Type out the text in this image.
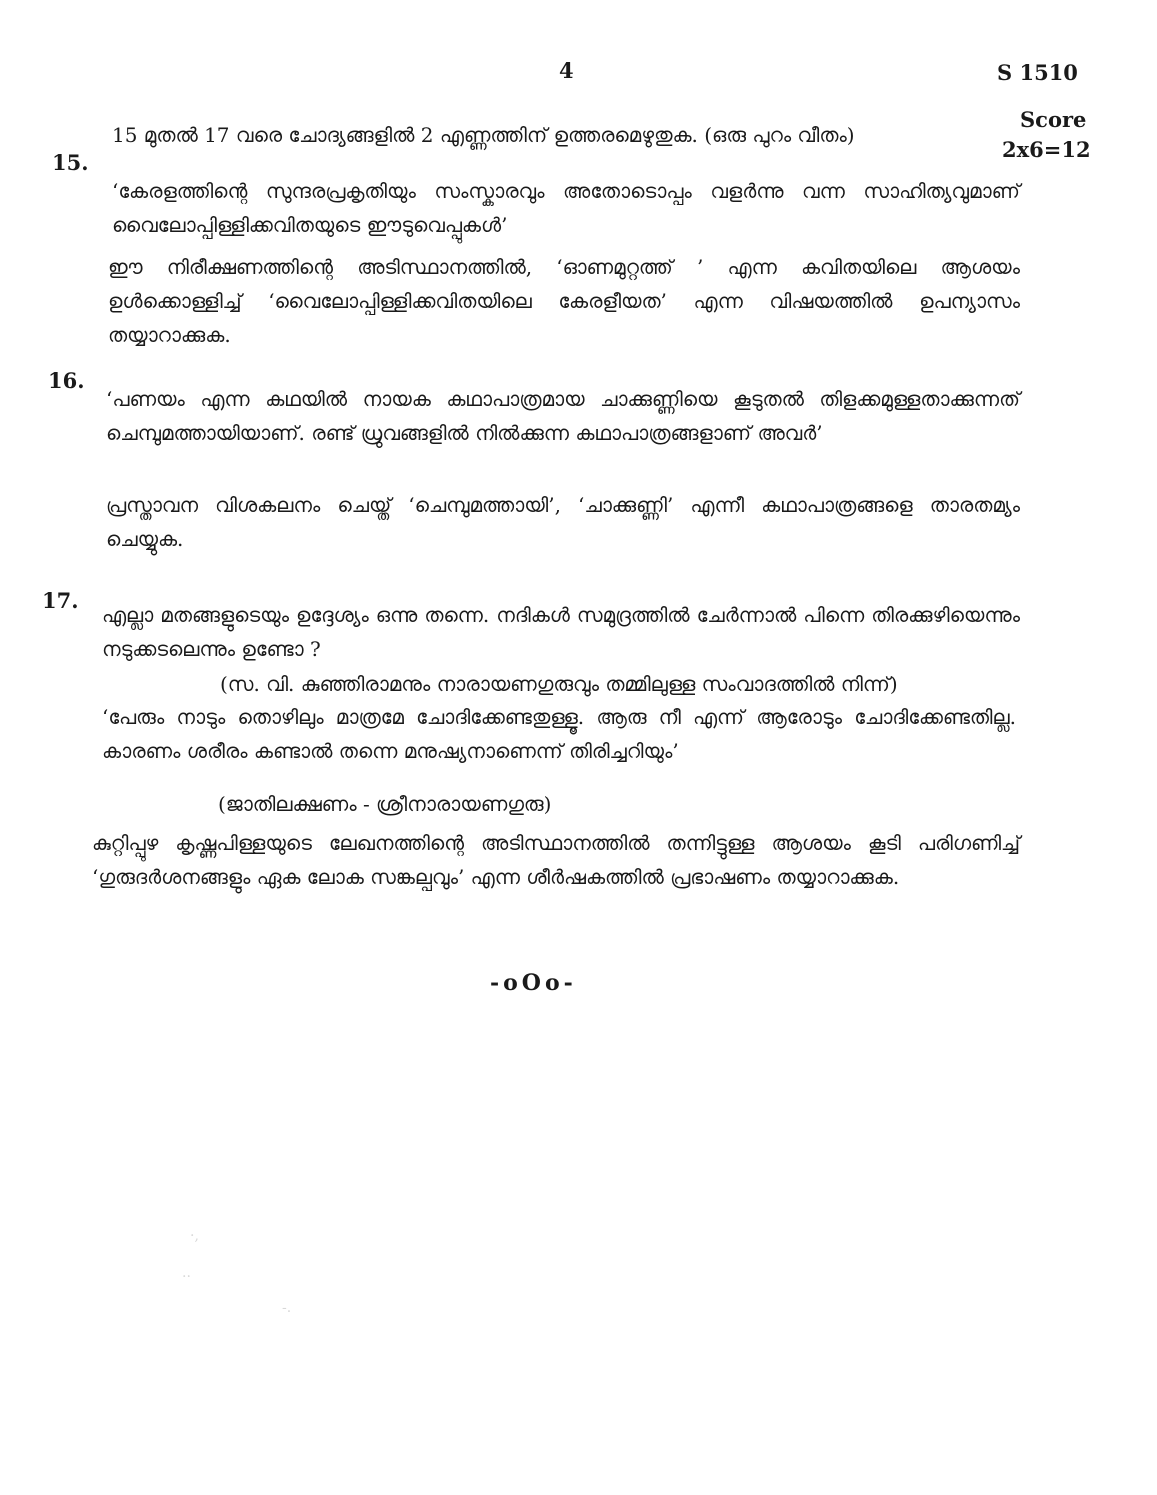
4	S 1510
Score
2x6=12
15 മുതൽ 17 വരെ ചോദ്യങ്ങളിൽ 2 എണ്ണത്തിന് ഉത്തരമെഴുതുക. (ഒരു പുറം വീതം)
15.
‘കേരളത്തിന്റെ സുന്ദരപ്രകൃതിയും സംസ്കാരവും അതോടൊപ്പം വളർന്നു വന്ന സാഹിത്യവുമാണ് വൈലോപ്പിള്ളിക്കവിതയുടെ ഈടുവെപ്പുകൾ’
ഈ നിരീക്ഷണത്തിന്റെ അടിസ്ഥാനത്തിൽ, ‘ഓണമുറ്റത്ത് ’ എന്ന കവിതയിലെ ആശയം ഉൾക്കൊള്ളിച്ച് ‘വൈലോപ്പിള്ളിക്കവിതയിലെ കേരളീയത’ എന്ന വിഷയത്തിൽ ഉപന്യാസം തയ്യാറാക്കുക.
16.
‘പണയം എന്ന കഥയിൽ നായക കഥാപാത്രമായ ചാക്കുണ്ണിയെ കൂടുതൽ തിളക്കമുള്ളതാക്കുന്നത് ചെമ്പുമത്തായിയാണ്. രണ്ട് ധ്രുവങ്ങളിൽ നിൽക്കുന്ന കഥാപാത്രങ്ങളാണ് അവർ’
പ്രസ്താവന വിശകലനം ചെയ്ത് ‘ചെമ്പുമത്തായി’, ‘ചാക്കുണ്ണി’ എന്നീ കഥാപാത്രങ്ങളെ താരതമ്യം ചെയ്യുക.
17.
എല്ലാ മതങ്ങളുടെയും ഉദ്ദേശ്യം ഒന്നു തന്നെ. നദികൾ സമുദ്രത്തിൽ ചേർന്നാൽ പിന്നെ തിരക്കുഴിയെന്നും നടുക്കടലെന്നും ഉണ്ടോ ?
(സ. വി. കുഞ്ഞിരാമനും നാരായണഗുരുവും തമ്മിലുള്ള സംവാദത്തിൽ നിന്ന്)
‘പേരും നാടും തൊഴിലും മാത്രമേ ചോദിക്കേണ്ടതുള്ളൂ. ആരു നീ എന്ന് ആരോടും ചോദിക്കേണ്ടതില്ല. കാരണം ശരീരം കണ്ടാൽ തന്നെ മനുഷ്യനാണെന്ന് തിരിച്ചറിയും’
(ജാതിലക്ഷണം - ശ്രീനാരായണഗുരു)
കുറ്റിപ്പുഴ കൃഷ്ണപിള്ളയുടെ ലേഖനത്തിന്റെ അടിസ്ഥാനത്തിൽ തന്നിട്ടുള്ള ആശയം കൂടി പരിഗണിച്ച് ‘ഗുരുദർശനങ്ങളും ഏക ലോക സങ്കല്പവും’ എന്ന ശീർഷകത്തിൽ പ്രഭാഷണം തയ്യാറാക്കുക.
-oOo-
·,
..
-.
